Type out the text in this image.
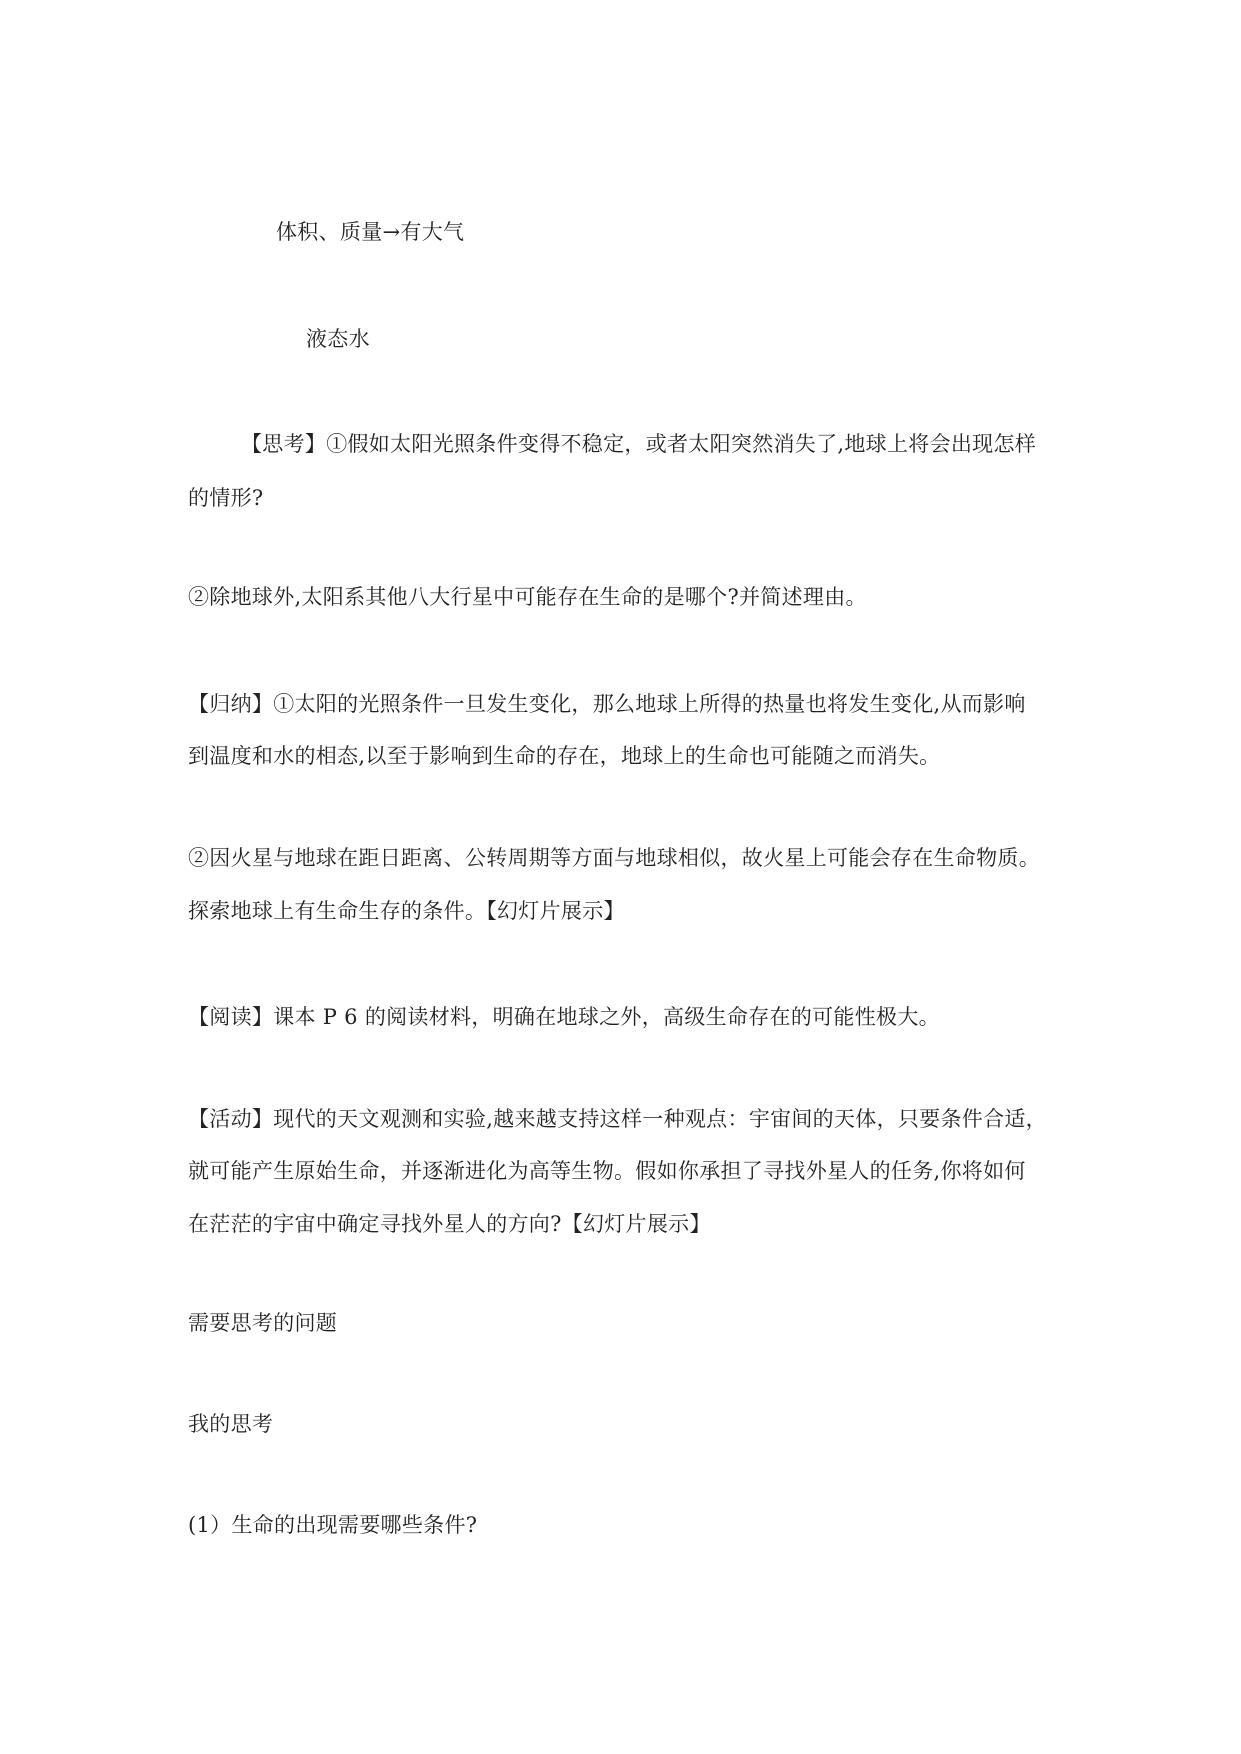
体积、质量→有大气
液态水
【思考】①假如太阳光照条件变得不稳定，或者太阳突然消失了,地球上将会出现怎样
的情形?
②除地球外,太阳系其他八大行星中可能存在生命的是哪个?并简述理由。
【归纳】①太阳的光照条件一旦发生变化，那么地球上所得的热量也将发生变化,从而影响
到温度和水的相态,以至于影响到生命的存在，地球上的生命也可能随之而消失。
②因火星与地球在距日距离、公转周期等方面与地球相似，故火星上可能会存在生命物质。
探索地球上有生命生存的条件。【幻灯片展示】
【阅读】课本 P 6 的阅读材料，明确在地球之外，高级生命存在的可能性极大。
【活动】现代的天文观测和实验,越来越支持这样一种观点：宇宙间的天体，只要条件合适，
就可能产生原始生命，并逐渐进化为高等生物。假如你承担了寻找外星人的任务,你将如何
在茫茫的宇宙中确定寻找外星人的方向?【幻灯片展示】
需要思考的问题
我的思考
(1）生命的出现需要哪些条件?
